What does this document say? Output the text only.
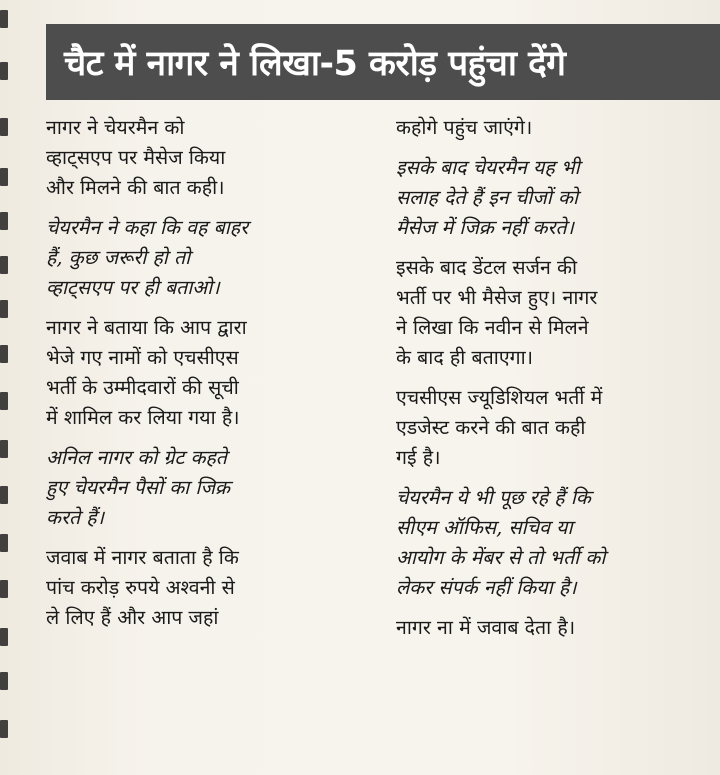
चैट में नागर ने लिखा-5 करोड़ पहुंचा देंगे
नागर ने चेयरमैन को
व्हाट्सएप पर मैसेज किया
और मिलने की बात कही।
चेयरमैन ने कहा कि वह बाहर
हैं, कुछ जरूरी हो तो
व्हाट्सएप पर ही बताओ।
नागर ने बताया कि आप द्वारा
भेजे गए नामों को एचसीएस
भर्ती के उम्मीदवारों की सूची
में शामिल कर लिया गया है।
अनिल नागर को ग्रेट कहते
हुए चेयरमैन पैसों का जिक्र
करते हैं।
जवाब में नागर बताता है कि
पांच करोड़ रुपये अश्वनी से
ले लिए हैं और आप जहां
कहोगे पहुंच जाएंगे।
इसके बाद चेयरमैन यह भी
सलाह देते हैं इन चीजों को
मैसेज में जिक्र नहीं करते।
इसके बाद डेंटल सर्जन की
भर्ती पर भी मैसेज हुए। नागर
ने लिखा कि नवीन से मिलने
के बाद ही बताएगा।
एचसीएस ज्यूडिशियल भर्ती में
एडजेस्ट करने की बात कही
गई है।
चेयरमैन ये भी पूछ रहे हैं कि
सीएम ऑफिस, सचिव या
आयोग के मेंबर से तो भर्ती को
लेकर संपर्क नहीं किया है।
नागर ना में जवाब देता है।
